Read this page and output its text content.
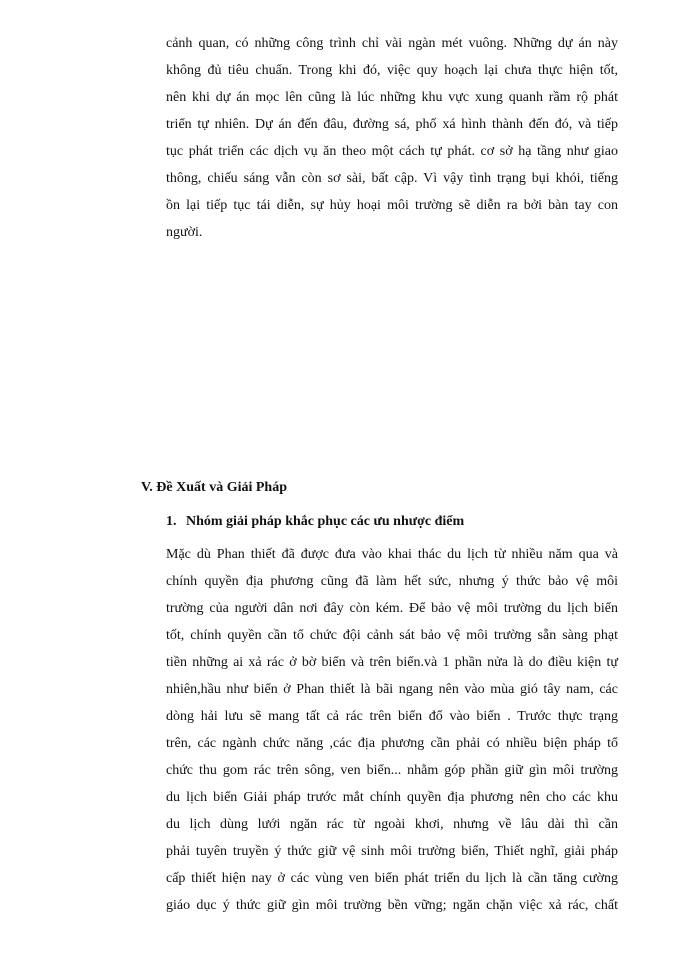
cảnh quan, có những công trình chỉ vài ngàn mét vuông. Những dự án này
không đủ tiêu chuẩn. Trong khi đó, việc quy hoạch lại chưa thực hiện tốt,
nên khi dự án mọc lên cũng là lúc những khu vực xung quanh rầm rộ phát
triển tự nhiên. Dự án đến đâu, đường sá, phố xá hình thành đến đó, và tiếp
tục phát triển các dịch vụ ăn theo một cách tự phát. cơ sở hạ tầng như giao
thông, chiếu sáng vẫn còn sơ sài, bất cập. Vì vậy tình trạng bụi khói, tiếng
ồn lại tiếp tục tái diễn, sự hủy hoại môi trường sẽ diễn ra bởi bàn tay con
người.
V. Đề Xuất và Giải Pháp
1. Nhóm giải pháp khắc phục các ưu nhược điểm
Mặc dù Phan thiết đã được đưa vào khai thác du lịch từ nhiều năm qua và
chính quyền địa phương cũng đã làm hết sức, nhưng ý thức bảo vệ môi
trường của người dân nơi đây còn kém. Để bảo vệ môi trường du lịch biển
tốt, chính quyền cần tổ chức đội cảnh sát bảo vệ môi trường sẵn sàng phạt
tiền những ai xả rác ở bờ biển và trên biển.và 1 phần nửa là do điều kiện tự
nhiên,hầu như biển ở Phan thiết là bãi ngang nên vào mùa gió tây nam, các
dòng hải lưu sẽ mang tất cả rác trên biển đổ vào biển . Trước thực trạng
trên, các ngành chức năng ,các địa phương cần phải có nhiều biện pháp tổ
chức thu gom rác trên sông, ven biển... nhằm góp phần giữ gìn môi trường
du lịch biển Giải pháp trước mắt chính quyền địa phương nên cho các khu
du lịch dùng lưới ngăn rác từ ngoài khơi, nhưng về lâu dài thì cần
phải tuyên truyền ý thức giữ vệ sinh môi trường biển, Thiết nghĩ, giải pháp
cấp thiết hiện nay ở các vùng ven biển phát triển du lịch là cần tăng cường
giáo dục ý thức giữ gìn môi trường bền vững; ngăn chặn việc xả rác, chất
